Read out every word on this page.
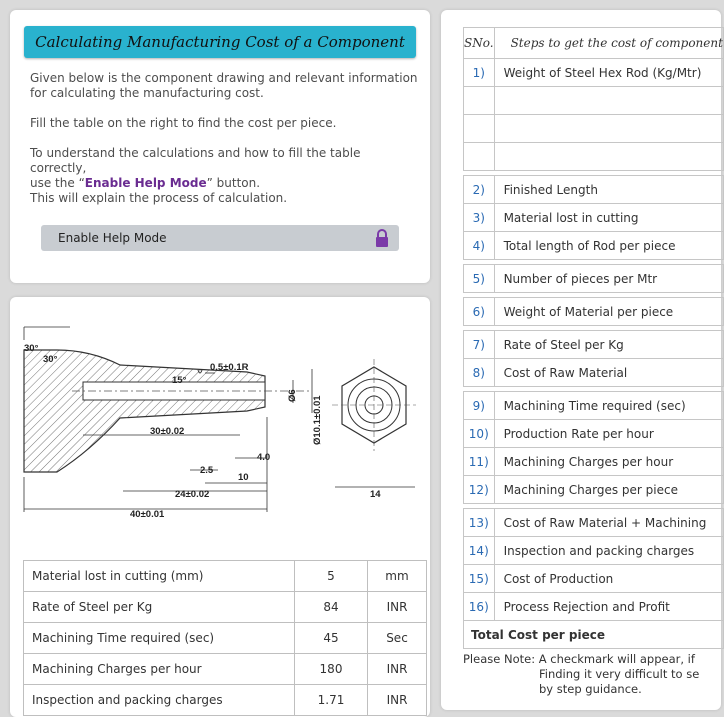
Calculating Manufacturing Cost of a Component
Given below is the component drawing and relevant information
for calculating the manufacturing cost.
Fill the table on the right to find the cost per piece.
To understand the calculations and how to fill the table correctly,
use the “Enable Help Mode” button.
This will explain the process of calculation.
Enable Help Mode
30°
30°
15°
0.5±0.1R
30±0.02
2.5
4.0
10
24±0.02
40±0.01
Ø6 Ø10.1±0.01
14
Material lost in cutting (mm)	5	mm
Rate of Steel per Kg	84	INR
Machining Time required (sec)	45	Sec
Machining Charges per hour	180	INR
Inspection and packing charges	1.71	INR
SNo.	Steps to get the cost of component
1)	Weight of Steel Hex Rod (Kg/Mtr)

2)	Finished Length
3)	Material lost in cutting
4)	Total length of Rod per piece

5)	Number of pieces per Mtr

6)	Weight of Material per piece

7)	Rate of Steel per Kg
8)	Cost of Raw Material

9)	Machining Time required (sec)
10)	Production Rate per hour
11)	Machining Charges per hour
12)	Machining Charges per piece

13)	Cost of Raw Material + Machining
14)	Inspection and packing charges
15)	Cost of Production
16)	Process Rejection and Profit
Total Cost per piece	
Please Note: A checkmark will appear, if
Finding it very difficult to se
by step guidance.
